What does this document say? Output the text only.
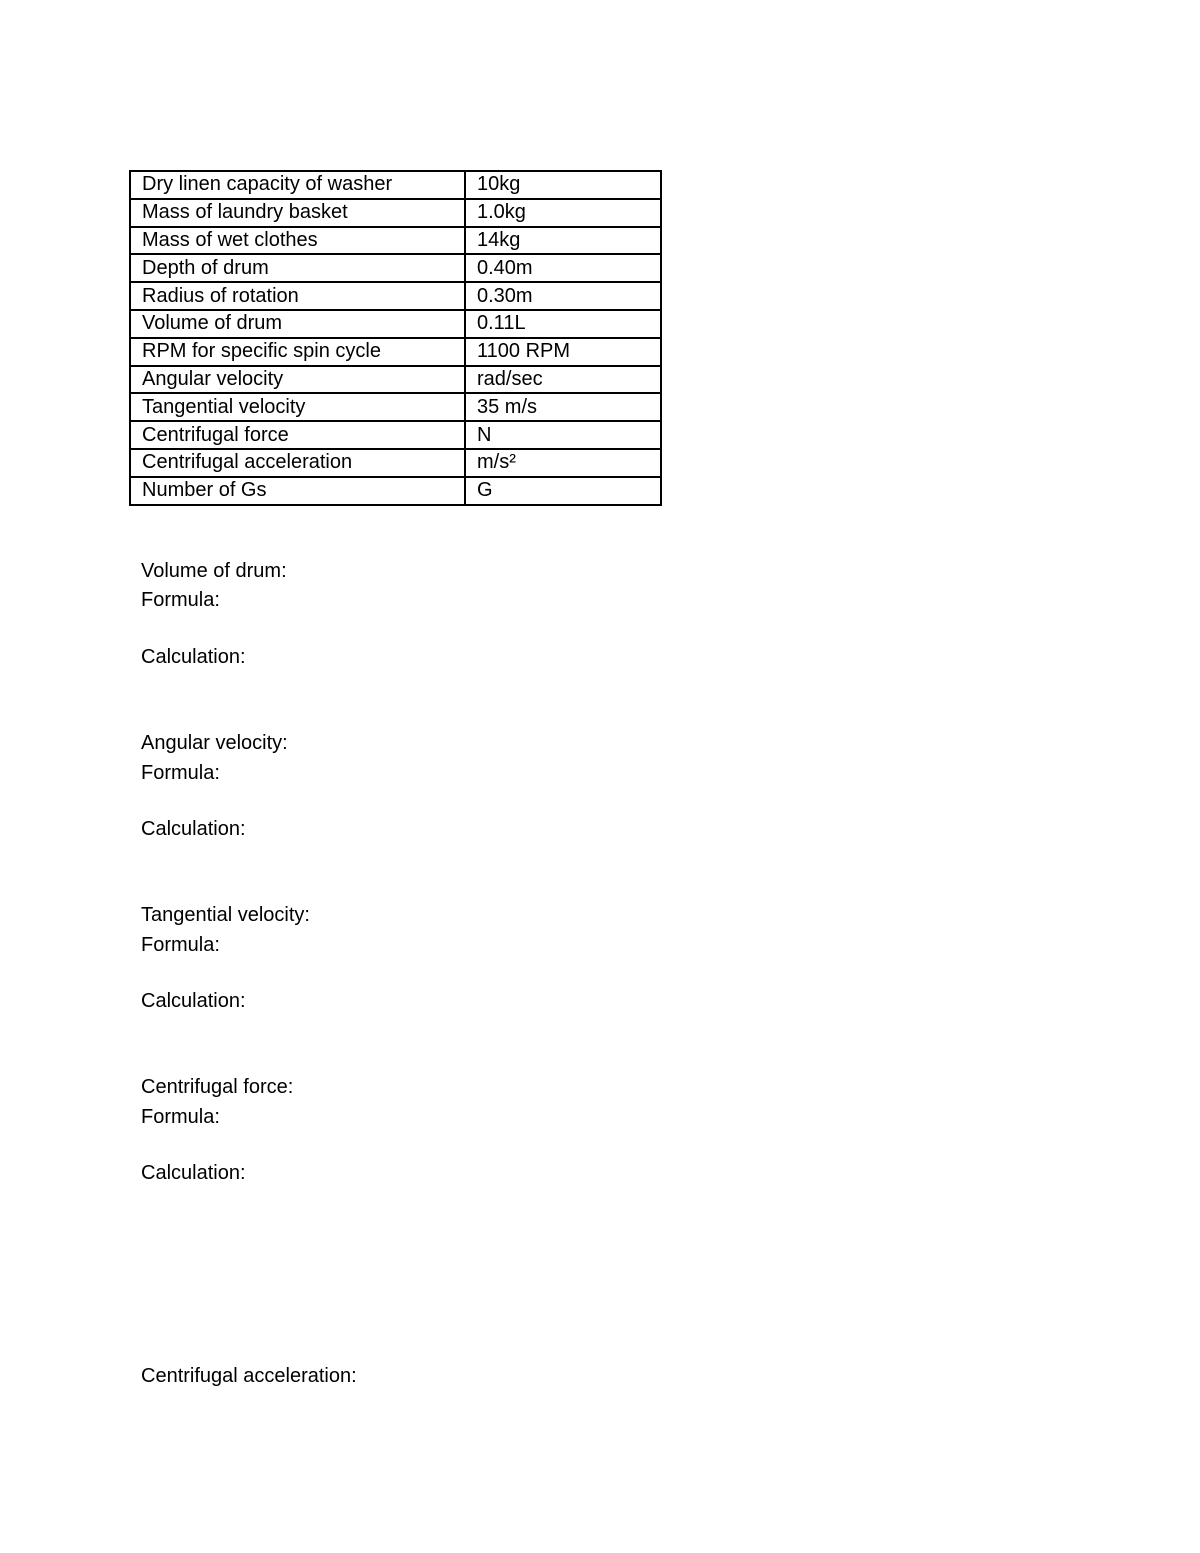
Dry linen capacity of washer	10kg
Mass of laundry basket	1.0kg
Mass of wet clothes	14kg
Depth of drum	0.40m
Radius of rotation	0.30m
Volume of drum	0.11L
RPM for specific spin cycle	1100 RPM
Angular velocity	rad/sec
Tangential velocity	35 m/s
Centrifugal force	N
Centrifugal acceleration	m/s²
Number of Gs	G
Volume of drum:
Formula:
Calculation:
Angular velocity:
Formula:
Calculation:
Tangential velocity:
Formula:
Calculation:
Centrifugal force:
Formula:
Calculation:
Centrifugal acceleration:
